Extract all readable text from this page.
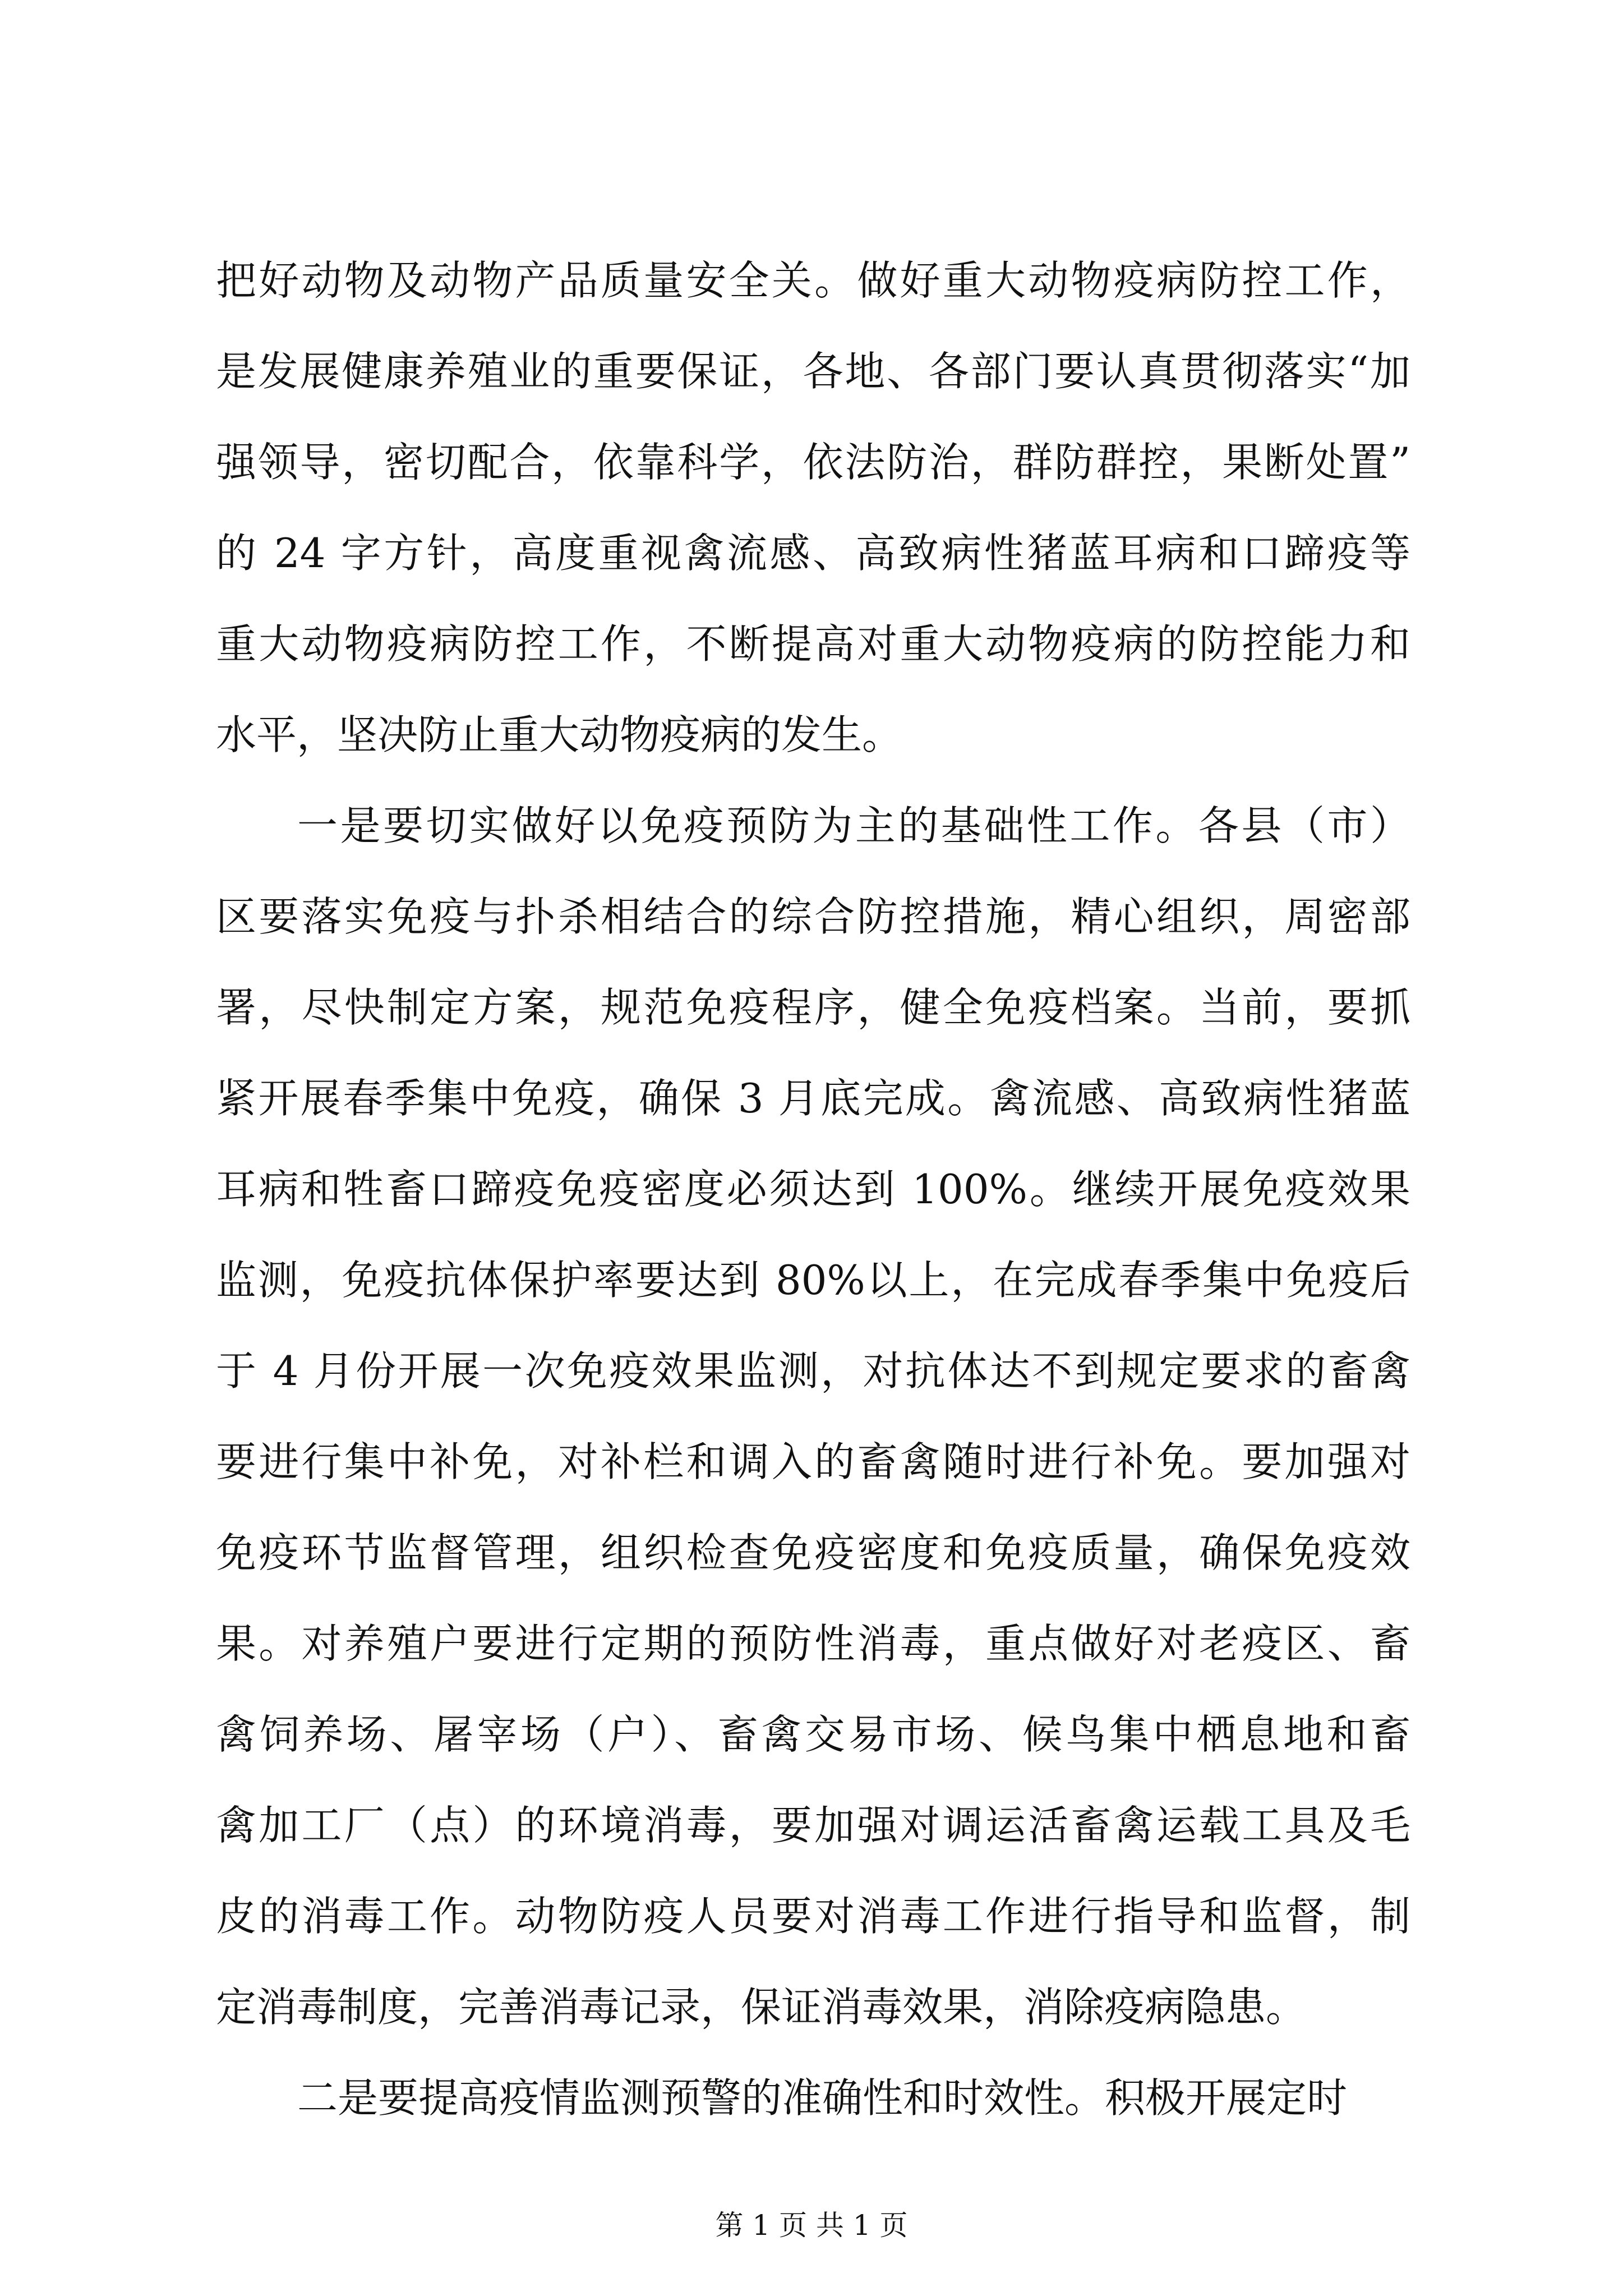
把好动物及动物产品质量安全关。做好重大动物疫病防控工作，
是发展健康养殖业的重要保证，各地、各部门要认真贯彻落实“加
强领导，密切配合，依靠科学，依法防治，群防群控，果断处置”
的 24 字方针，高度重视禽流感、高致病性猪蓝耳病和口蹄疫等
重大动物疫病防控工作，不断提高对重大动物疫病的防控能力和
水平，坚决防止重大动物疫病的发生。
一是要切实做好以免疫预防为主的基础性工作。各县（市）
区要落实免疫与扑杀相结合的综合防控措施，精心组织，周密部
署，尽快制定方案，规范免疫程序，健全免疫档案。当前，要抓
紧开展春季集中免疫，确保 3 月底完成。禽流感、高致病性猪蓝
耳病和牲畜口蹄疫免疫密度必须达到 100%。继续开展免疫效果
监测，免疫抗体保护率要达到 80%以上，在完成春季集中免疫后
于 4 月份开展一次免疫效果监测，对抗体达不到规定要求的畜禽
要进行集中补免，对补栏和调入的畜禽随时进行补免。要加强对
免疫环节监督管理，组织检查免疫密度和免疫质量，确保免疫效
果。对养殖户要进行定期的预防性消毒，重点做好对老疫区、畜
禽饲养场、屠宰场（户）、畜禽交易市场、候鸟集中栖息地和畜
禽加工厂（点）的环境消毒，要加强对调运活畜禽运载工具及毛
皮的消毒工作。动物防疫人员要对消毒工作进行指导和监督，制
定消毒制度，完善消毒记录，保证消毒效果，消除疫病隐患。
二是要提高疫情监测预警的准确性和时效性。积极开展定时
第 1 页 共 1 页
